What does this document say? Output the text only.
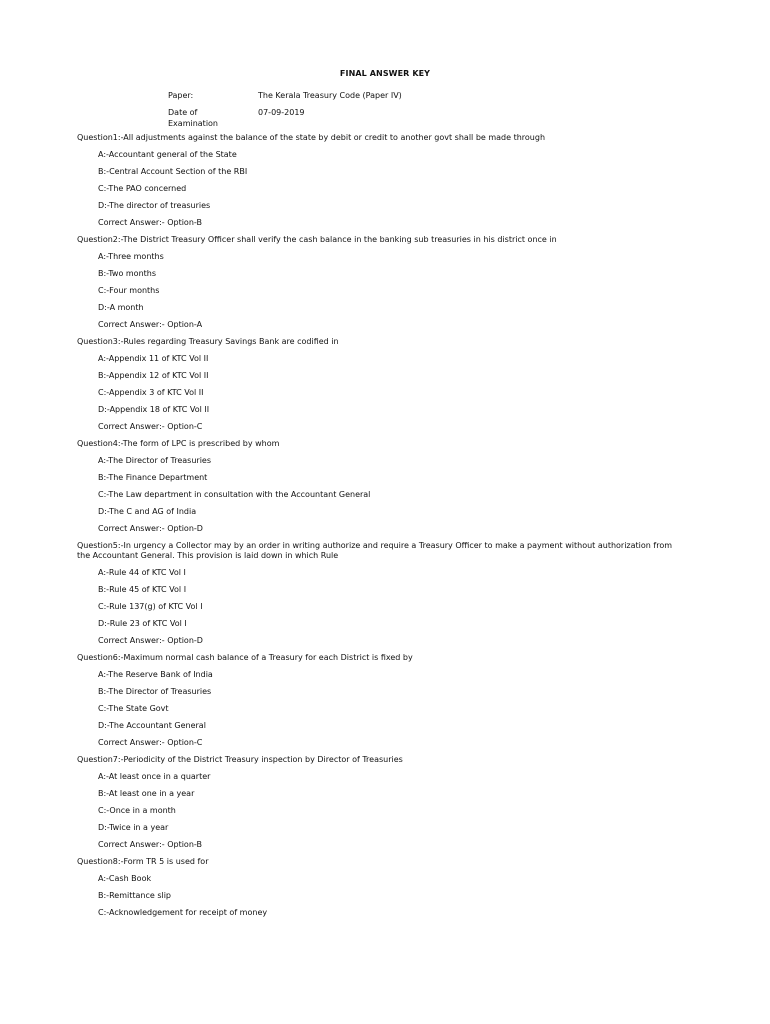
FINAL ANSWER KEY
Paper:	The Kerala Treasury Code (Paper IV)
Date of
Examination
07-09-2019
Question1:-All adjustments against the balance of the state by debit or credit to another govt shall be made through
A:-Accountant general of the State
B:-Central Account Section of the RBI
C:-The PAO concerned
D:-The director of treasuries
Correct Answer:- Option-B
Question2:-The District Treasury Officer shall verify the cash balance in the banking sub treasuries in his district once in
A:-Three months
B:-Two months
C:-Four months
D:-A month
Correct Answer:- Option-A
Question3:-Rules regarding Treasury Savings Bank are codified in
A:-Appendix 11 of KTC Vol II
B:-Appendix 12 of KTC Vol II
C:-Appendix 3 of KTC Vol II
D:-Appendix 18 of KTC Vol II
Correct Answer:- Option-C
Question4:-The form of LPC is prescribed by whom
A:-The Director of Treasuries
B:-The Finance Department
C:-The Law department in consultation with the Accountant General
D:-The C and AG of India
Correct Answer:- Option-D
Question5:-In urgency a Collector may by an order in writing authorize and require a Treasury Officer to make a payment without authorization from the Accountant General. This provision is laid down in which Rule
A:-Rule 44 of KTC Vol I
B:-Rule 45 of KTC Vol I
C:-Rule 137(g) of KTC Vol I
D:-Rule 23 of KTC Vol I
Correct Answer:- Option-D
Question6:-Maximum normal cash balance of a Treasury for each District is fixed by
A:-The Reserve Bank of India
B:-The Director of Treasuries
C:-The State Govt
D:-The Accountant General
Correct Answer:- Option-C
Question7:-Periodicity of the District Treasury inspection by Director of Treasuries
A:-At least once in a quarter
B:-At least one in a year
C:-Once in a month
D:-Twice in a year
Correct Answer:- Option-B
Question8:-Form TR 5 is used for
A:-Cash Book
B:-Remittance slip
C:-Acknowledgement for receipt of money
